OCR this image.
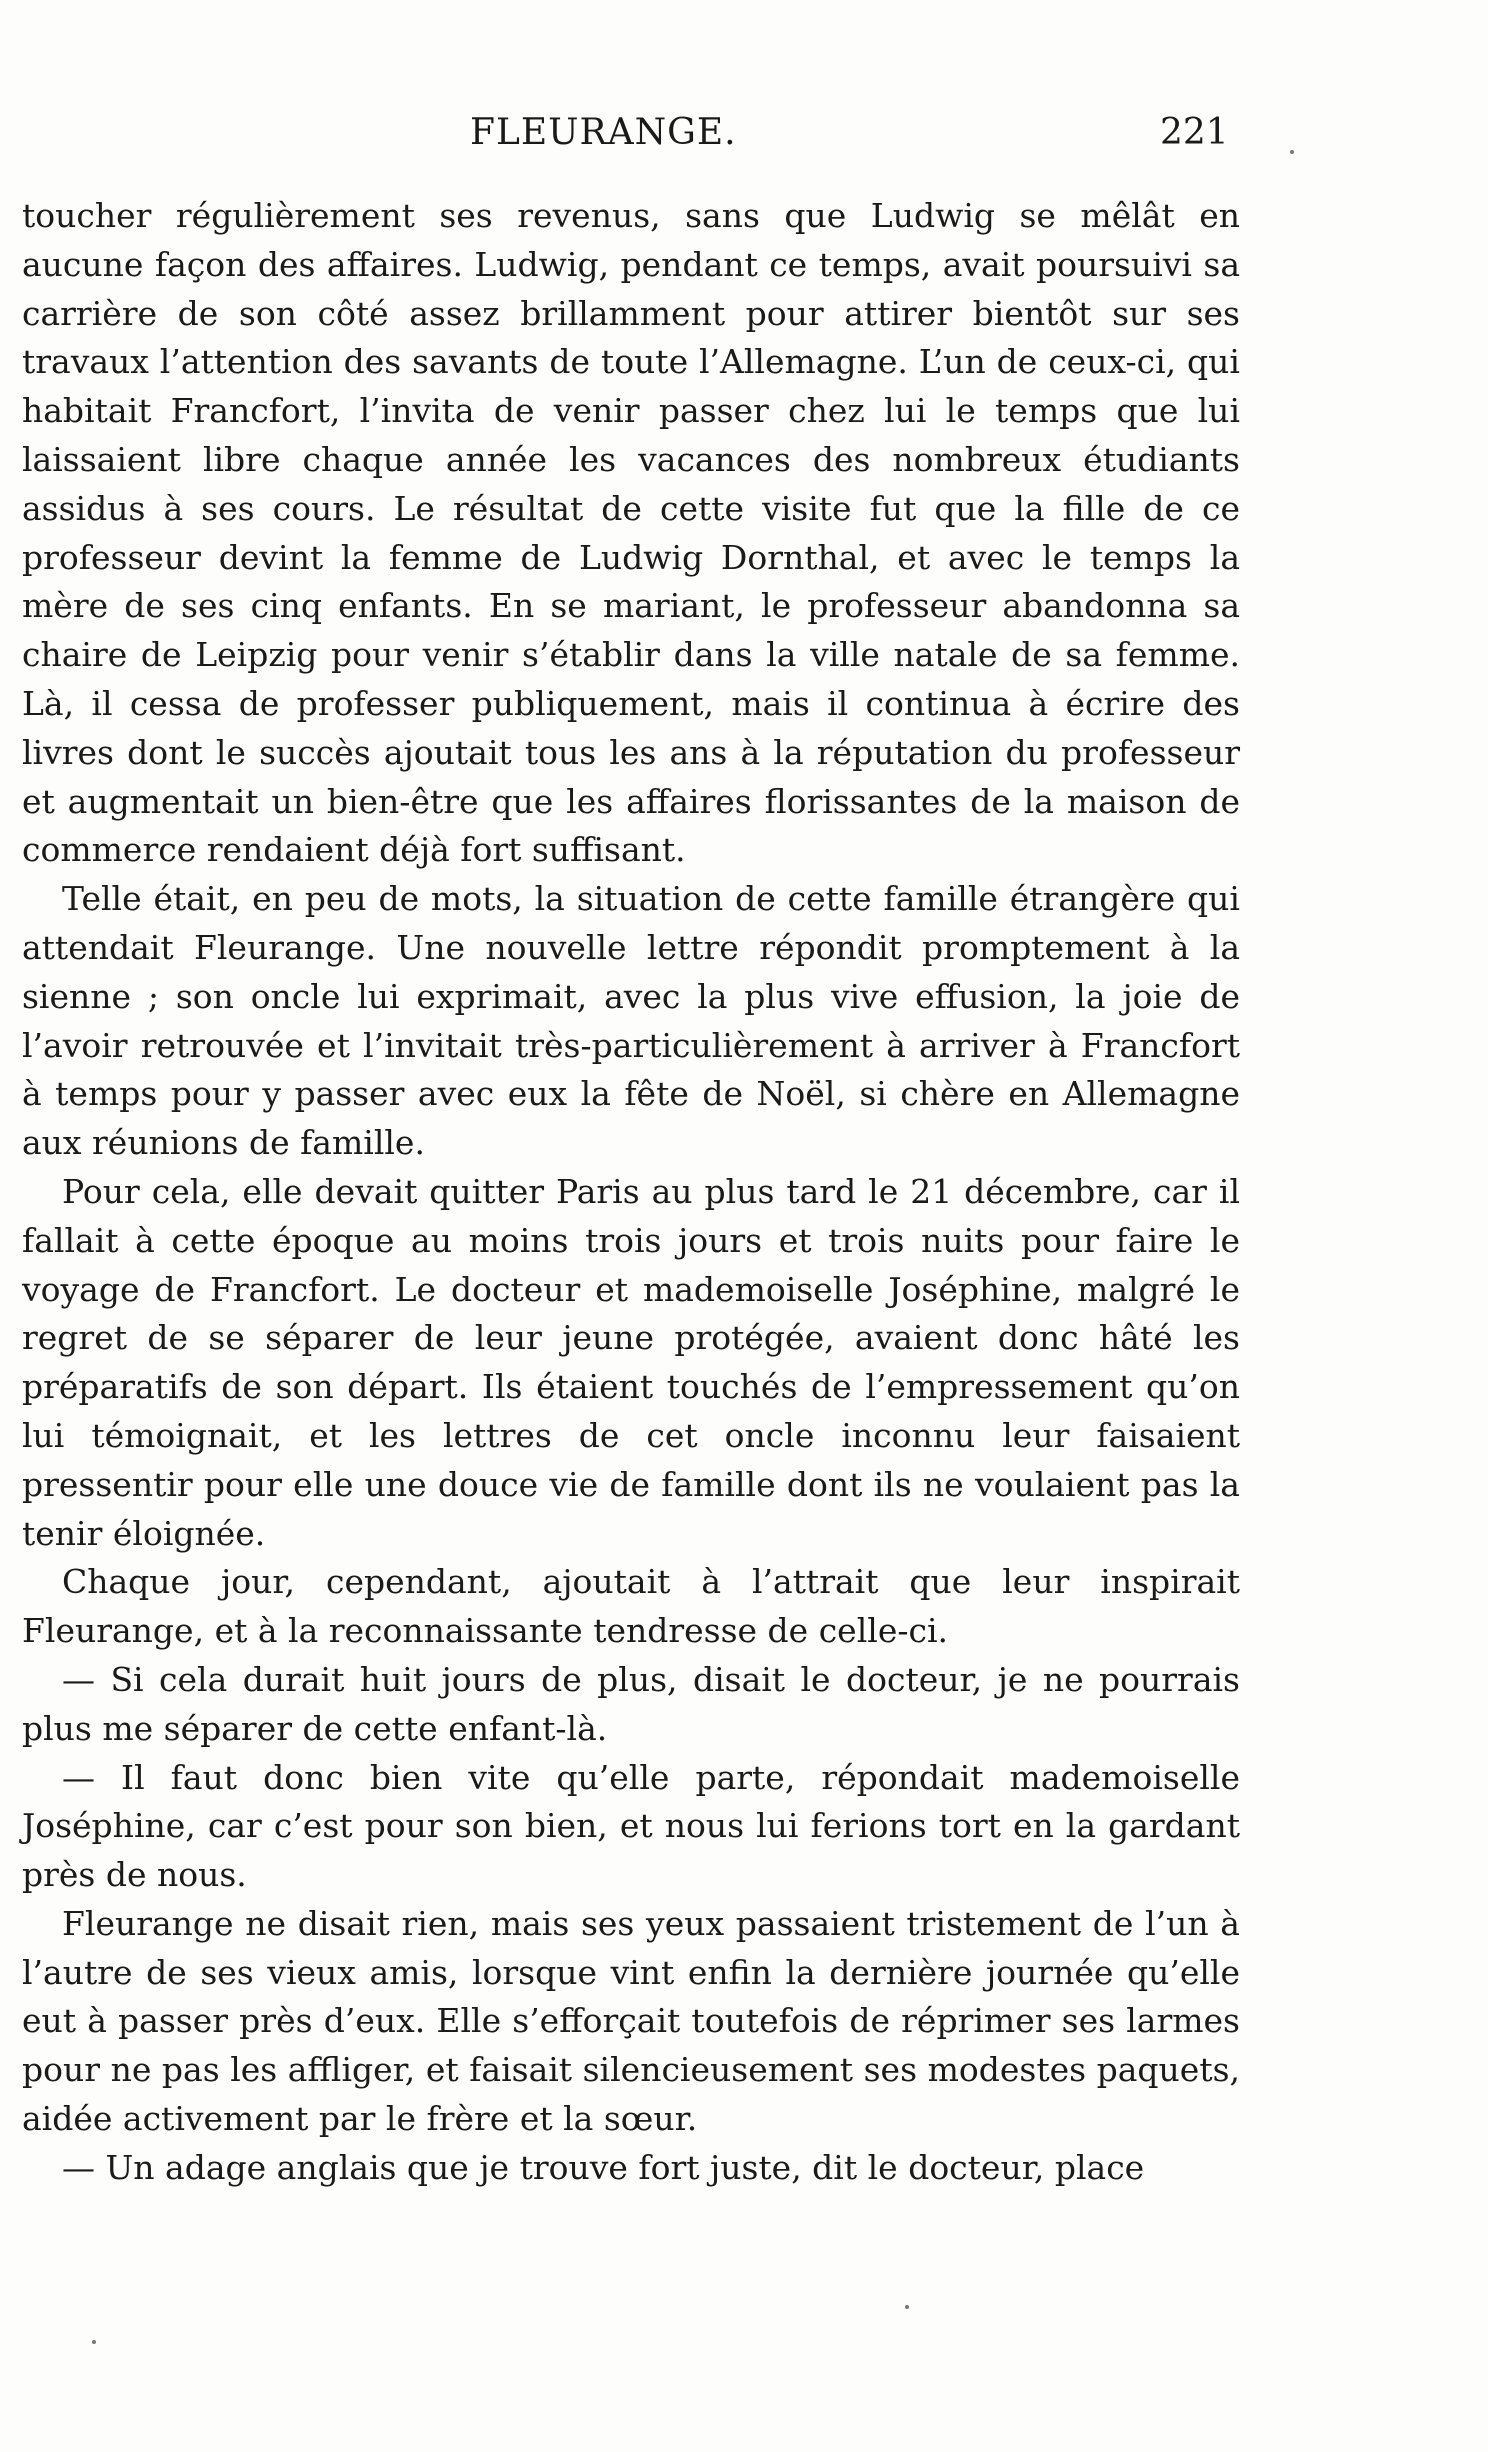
FLEURANGE.	221

toucher régulièrement ses revenus, sans que Ludwig se mêlât en aucune façon des affaires. Ludwig, pendant ce temps, avait poursuivi sa carrière de son côté assez brillamment pour attirer bientôt sur ses travaux l’attention des savants de toute l’Allemagne. L’un de ceux-ci, qui habitait Francfort, l’invita de venir passer chez lui le temps que lui laissaient libre chaque année les vacances des nombreux étudiants assidus à ses cours. Le résultat de cette visite fut que la fille de ce professeur devint la femme de Ludwig Dornthal, et avec le temps la mère de ses cinq enfants. En se mariant, le professeur abandonna sa chaire de Leipzig pour venir s’établir dans la ville natale de sa femme. Là, il cessa de professer publiquement, mais il continua à écrire des livres dont le succès ajoutait tous les ans à la réputation du professeur et augmentait un bien-être que les affaires florissantes de la maison de commerce rendaient déjà fort suffisant.

Telle était, en peu de mots, la situation de cette famille étrangère qui attendait Fleurange. Une nouvelle lettre répondit promptement à la sienne ; son oncle lui exprimait, avec la plus vive effusion, la joie de l’avoir retrouvée et l’invitait très-particulièrement à arriver à Francfort à temps pour y passer avec eux la fête de Noël, si chère en Allemagne aux réunions de famille.

Pour cela, elle devait quitter Paris au plus tard le 21 décembre, car il fallait à cette époque au moins trois jours et trois nuits pour faire le voyage de Francfort. Le docteur et mademoiselle Joséphine, malgré le regret de se séparer de leur jeune protégée, avaient donc hâté les préparatifs de son départ. Ils étaient touchés de l’empressement qu’on lui témoignait, et les lettres de cet oncle inconnu leur faisaient pressentir pour elle une douce vie de famille dont ils ne voulaient pas la tenir éloignée.

Chaque jour, cependant, ajoutait à l’attrait que leur inspirait Fleurange, et à la reconnaissante tendresse de celle-ci.

— Si cela durait huit jours de plus, disait le docteur, je ne pourrais plus me séparer de cette enfant-là.

— Il faut donc bien vite qu’elle parte, répondait mademoiselle Joséphine, car c’est pour son bien, et nous lui ferions tort en la gardant près de nous.

Fleurange ne disait rien, mais ses yeux passaient tristement de l’un à l’autre de ses vieux amis, lorsque vint enfin la dernière journée qu’elle eut à passer près d’eux. Elle s’efforçait toutefois de réprimer ses larmes pour ne pas les affliger, et faisait silencieusement ses modestes paquets, aidée activement par le frère et la sœur.

— Un adage anglais que je trouve fort juste, dit le docteur, place
